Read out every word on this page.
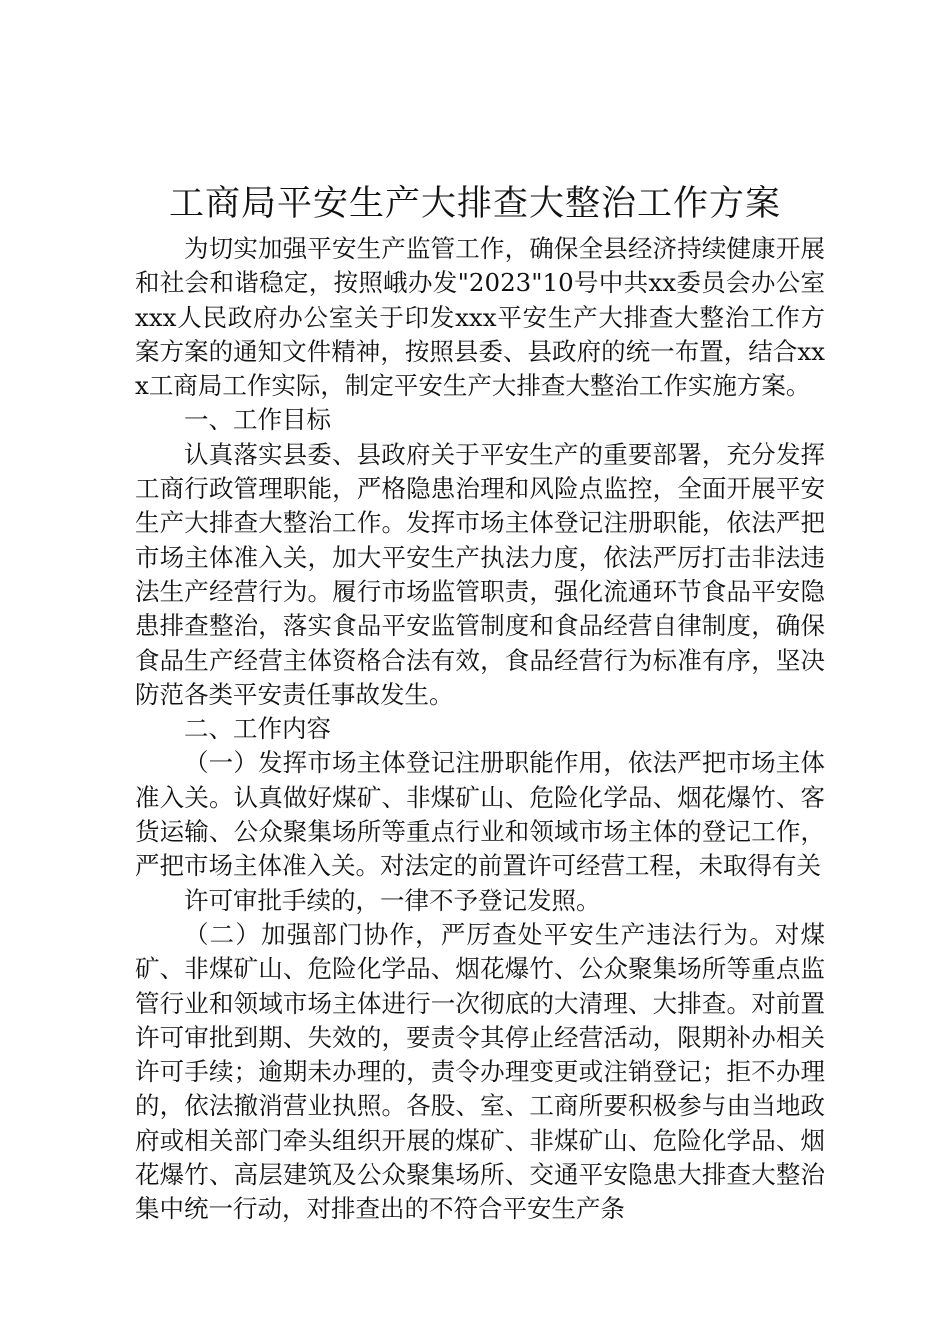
工商局平安生产大排查大整治工作方案

为切实加强平安生产监管工作，确保全县经济持续健康开展和社会和谐稳定，按照峨办发"2023"10号中共xx委员会办公室xxx人民政府办公室关于印发xxx平安生产大排查大整治工作方案方案的通知文件精神，按照县委、县政府的统一布置，结合xxx工商局工作实际，制定平安生产大排查大整治工作实施方案。

一、工作目标

认真落实县委、县政府关于平安生产的重要部署，充分发挥工商行政管理职能，严格隐患治理和风险点监控，全面开展平安生产大排查大整治工作。发挥市场主体登记注册职能，依法严把市场主体准入关，加大平安生产执法力度，依法严厉打击非法违法生产经营行为。履行市场监管职责，强化流通环节食品平安隐患排查整治，落实食品平安监管制度和食品经营自律制度，确保食品生产经营主体资格合法有效，食品经营行为标准有序，坚决防范各类平安责任事故发生。

二、工作内容

（一）发挥市场主体登记注册职能作用，依法严把市场主体准入关。认真做好煤矿、非煤矿山、危险化学品、烟花爆竹、客货运输、公众聚集场所等重点行业和领域市场主体的登记工作，严把市场主体准入关。对法定的前置许可经营工程，未取得有关

许可审批手续的，一律不予登记发照。

（二）加强部门协作，严厉查处平安生产违法行为。对煤矿、非煤矿山、危险化学品、烟花爆竹、公众聚集场所等重点监管行业和领域市场主体进行一次彻底的大清理、大排查。对前置许可审批到期、失效的，要责令其停止经营活动，限期补办相关许可手续；逾期未办理的，责令办理变更或注销登记；拒不办理的，依法撤消营业执照。各股、室、工商所要积极参与由当地政府或相关部门牵头组织开展的煤矿、非煤矿山、危险化学品、烟花爆竹、高层建筑及公众聚集场所、交通平安隐患大排查大整治集中统一行动，对排查出的不符合平安生产条
